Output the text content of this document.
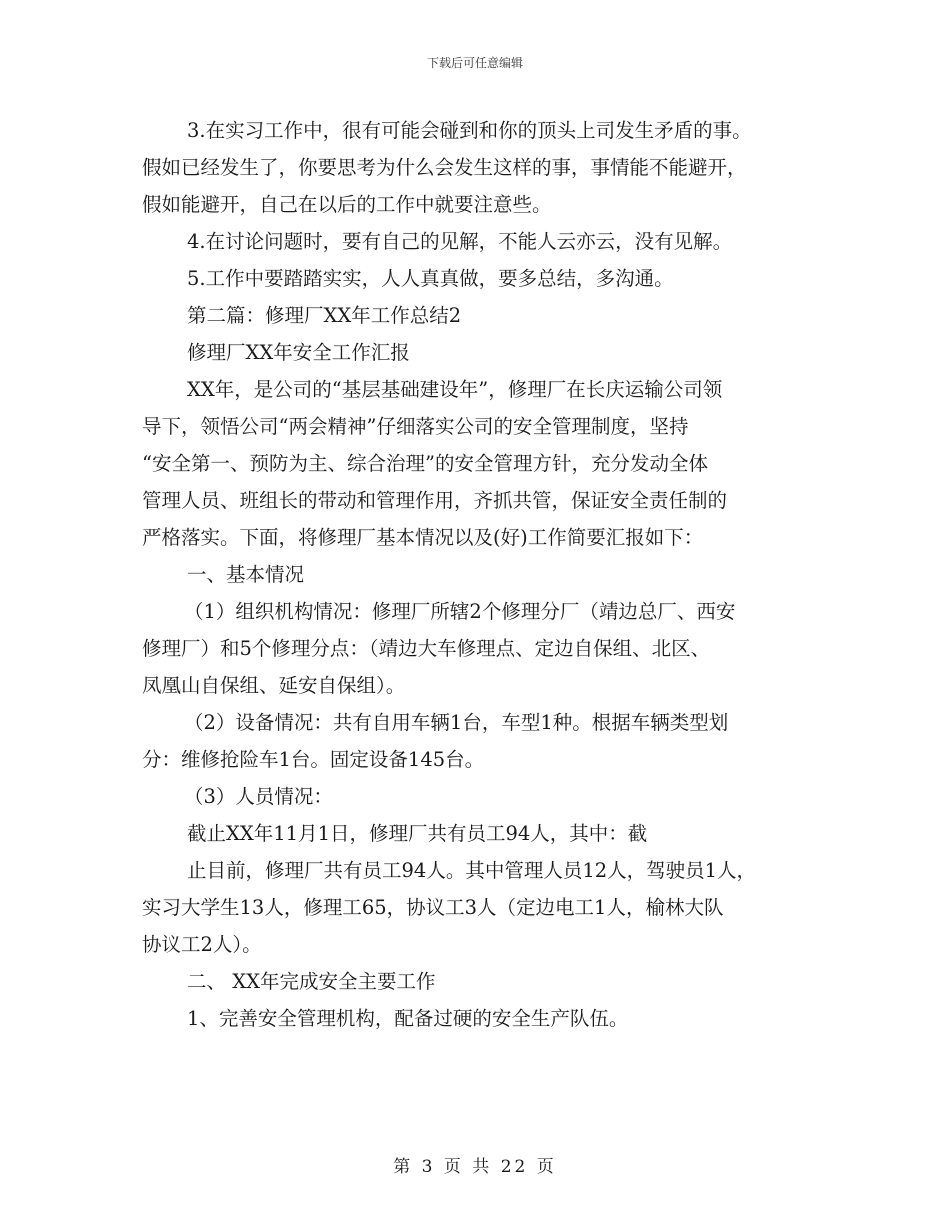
下载后可任意编辑
3.在实习工作中，很有可能会碰到和你的顶头上司发生矛盾的事。
假如已经发生了，你要思考为什么会发生这样的事，事情能不能避开，
假如能避开，自己在以后的工作中就要注意些。
4.在讨论问题时，要有自己的见解，不能人云亦云，没有见解。
5.工作中要踏踏实实，人人真真做，要多总结，多沟通。
第二篇：修理厂XX年工作总结2
修理厂XX年安全工作汇报
XX年，是公司的“基层基础建设年”，修理厂在长庆运输公司领
导下，领悟公司“两会精神”仔细落实公司的安全管理制度，坚持
“安全第一、预防为主、综合治理”的安全管理方针，充分发动全体
管理人员、班组长的带动和管理作用，齐抓共管，保证安全责任制的
严格落实。下面，将修理厂基本情况以及(好)工作简要汇报如下：
一、基本情况
（1）组织机构情况：修理厂所辖2个修理分厂（靖边总厂、西安
修理厂）和5个修理分点：（靖边大车修理点、定边自保组、北区、
凤凰山自保组、延安自保组）。
（2）设备情况：共有自用车辆1台，车型1种。根据车辆类型划
分：维修抢险车1台。固定设备145台。
（3）人员情况：
截止XX年11月1日，修理厂共有员工94人，其中：截
止目前，修理厂共有员工94人。其中管理人员12人，驾驶员1人，
实习大学生13人，修理工65，协议工3人（定边电工1人，榆林大队
协议工2人）。
二、 XX年完成安全主要工作
1、完善安全管理机构，配备过硬的安全生产队伍。
第 3 页 共 22 页
